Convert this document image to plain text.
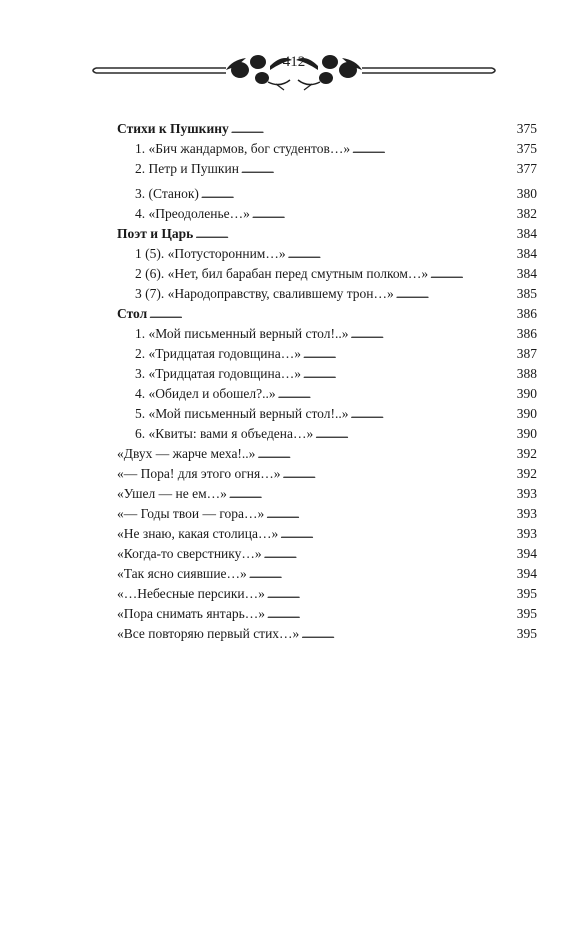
412
Стихи к Пушкину . . .	375
1. «Бич жандармов, бог студентов…» . . .	375
2. Петр и Пушкин . . .	377
3. (Станок) . . .	380
4. «Преодоленье…» . . .	382
Поэт и Царь . . .	384
1 (5). «Потусторонним…» . . .	384
2 (6). «Нет, бил барабан перед смутным полком…» . . .	384
3 (7). «Народоправству, свалившему трон…» . . .	385
Стол . . .	386
1. «Мой письменный верный стол!..» . . .	386
2. «Тридцатая годовщина…» . . .	387
3. «Тридцатая годовщина…» . . .	388
4. «Обидел и обошел?..» . . .	390
5. «Мой письменный верный стол!..» . . .	390
6. «Квиты: вами я объедена…» . . .	390
«Двух — жарче меха!..» . . .	392
«— Пора! для этого огня…» . . .	392
«Ушел — не ем…» . . .	393
«— Годы твои — гора…» . . .	393
«Не знаю, какая столица…» . . .	393
«Когда-то сверстнику…» . . .	394
«Так ясно сиявшие…» . . .	394
«…Небесные персики…» . . .	395
«Пора снимать янтарь…» . . .	395
«Все повторяю первый стих…» . . .	395
